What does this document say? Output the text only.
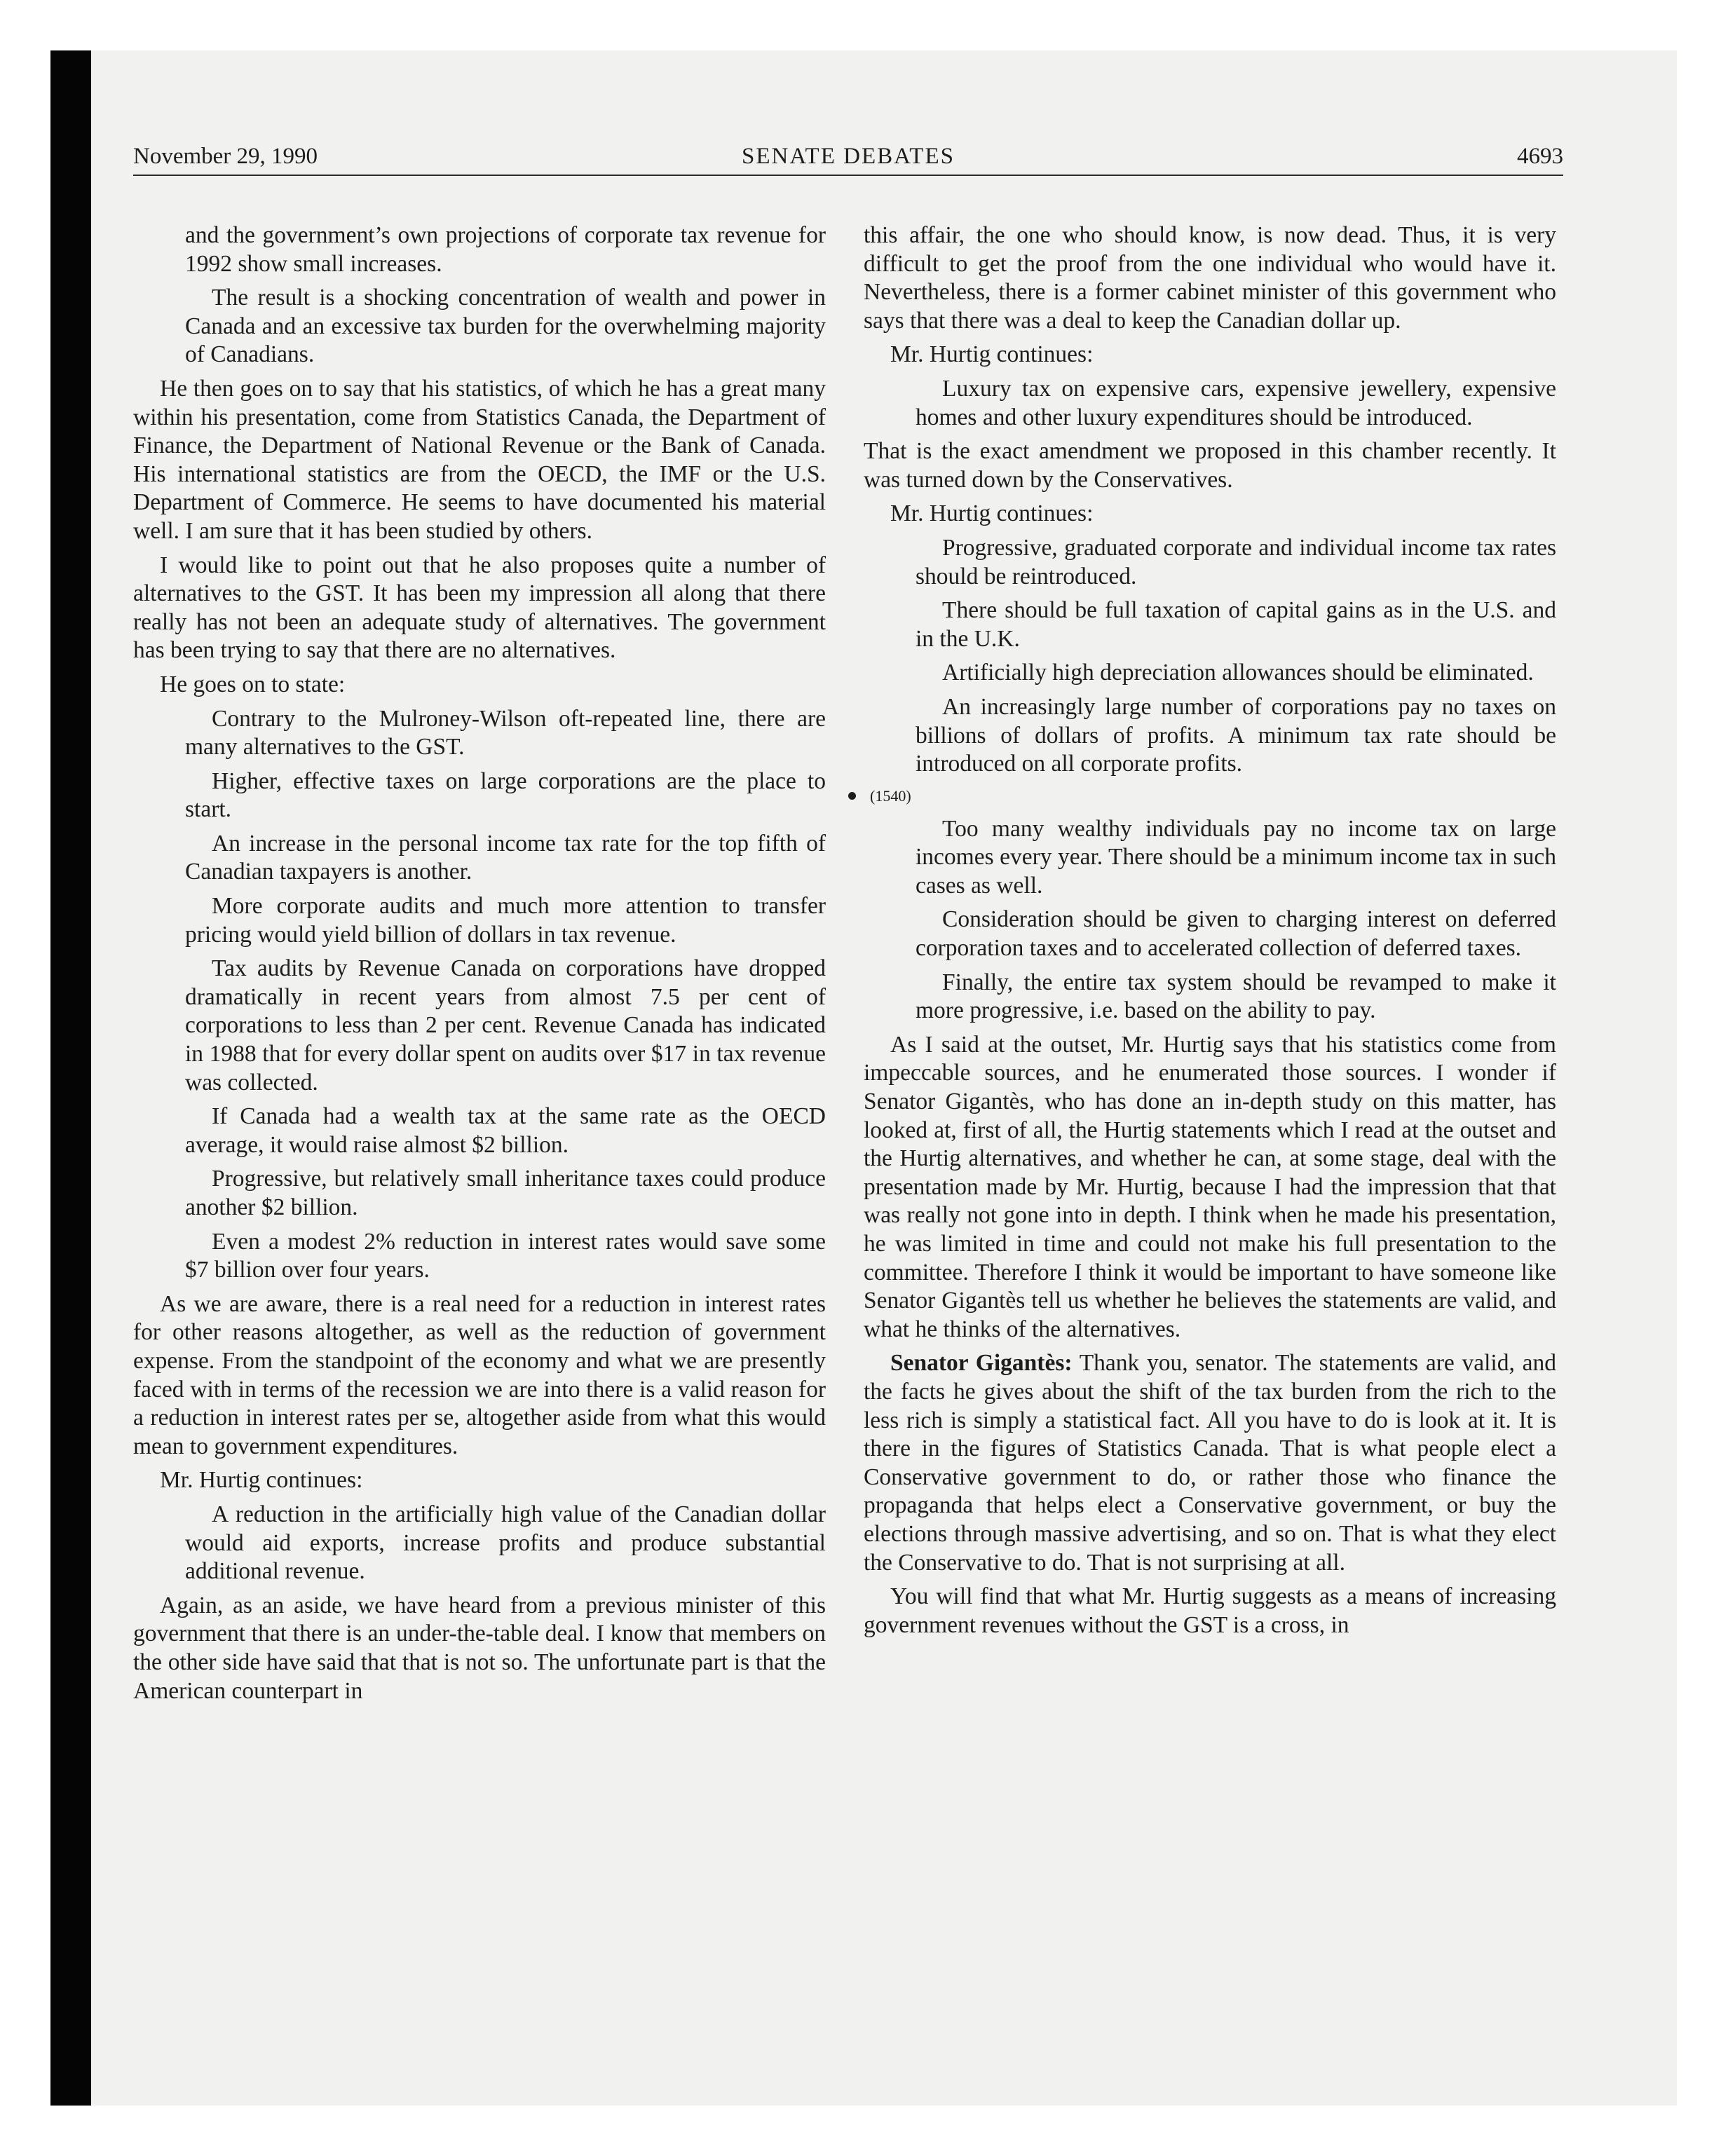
November 29, 1990	SENATE DEBATES	4693

and the government’s own projections of corporate tax revenue for 1992 show small increases.

The result is a shocking concentration of wealth and power in Canada and an excessive tax burden for the overwhelming majority of Canadians.

He then goes on to say that his statistics, of which he has a great many within his presentation, come from Statistics Canada, the Department of Finance, the Department of National Revenue or the Bank of Canada. His international statistics are from the OECD, the IMF or the U.S. Department of Commerce. He seems to have documented his material well. I am sure that it has been studied by others.

I would like to point out that he also proposes quite a number of alternatives to the GST. It has been my impression all along that there really has not been an adequate study of alternatives. The government has been trying to say that there are no alternatives.

He goes on to state:

Contrary to the Mulroney-Wilson oft-repeated line, there are many alternatives to the GST.

Higher, effective taxes on large corporations are the place to start.

An increase in the personal income tax rate for the top fifth of Canadian taxpayers is another.

More corporate audits and much more attention to transfer pricing would yield billion of dollars in tax revenue.

Tax audits by Revenue Canada on corporations have dropped dramatically in recent years from almost 7.5 per cent of corporations to less than 2 per cent. Revenue Canada has indicated in 1988 that for every dollar spent on audits over $17 in tax revenue was collected.

If Canada had a wealth tax at the same rate as the OECD average, it would raise almost $2 billion.

Progressive, but relatively small inheritance taxes could produce another $2 billion.

Even a modest 2% reduction in interest rates would save some $7 billion over four years.

As we are aware, there is a real need for a reduction in interest rates for other reasons altogether, as well as the reduction of government expense. From the standpoint of the economy and what we are presently faced with in terms of the recession we are into there is a valid reason for a reduction in interest rates per se, altogether aside from what this would mean to government expenditures.

Mr. Hurtig continues:

A reduction in the artificially high value of the Canadian dollar would aid exports, increase profits and produce substantial additional revenue.

Again, as an aside, we have heard from a previous minister of this government that there is an under-the-table deal. I know that members on the other side have said that that is not so. The unfortunate part is that the American counterpart in

this affair, the one who should know, is now dead. Thus, it is very difficult to get the proof from the one individual who would have it. Nevertheless, there is a former cabinet minister of this government who says that there was a deal to keep the Canadian dollar up.

Mr. Hurtig continues:

Luxury tax on expensive cars, expensive jewellery, expensive homes and other luxury expenditures should be introduced.

That is the exact amendment we proposed in this chamber recently. It was turned down by the Conservatives.

Mr. Hurtig continues:

Progressive, graduated corporate and individual income tax rates should be reintroduced.

There should be full taxation of capital gains as in the U.S. and in the U.K.

Artificially high depreciation allowances should be eliminated.

An increasingly large number of corporations pay no taxes on billions of dollars of profits. A minimum tax rate should be introduced on all corporate profits.

(1540)

Too many wealthy individuals pay no income tax on large incomes every year. There should be a minimum income tax in such cases as well.

Consideration should be given to charging interest on deferred corporation taxes and to accelerated collection of deferred taxes.

Finally, the entire tax system should be revamped to make it more progressive, i.e. based on the ability to pay.

As I said at the outset, Mr. Hurtig says that his statistics come from impeccable sources, and he enumerated those sources. I wonder if Senator Gigantès, who has done an in-depth study on this matter, has looked at, first of all, the Hurtig statements which I read at the outset and the Hurtig alternatives, and whether he can, at some stage, deal with the presentation made by Mr. Hurtig, because I had the impression that that was really not gone into in depth. I think when he made his presentation, he was limited in time and could not make his full presentation to the committee. Therefore I think it would be important to have someone like Senator Gigantès tell us whether he believes the statements are valid, and what he thinks of the alternatives.

Senator Gigantès: Thank you, senator. The statements are valid, and the facts he gives about the shift of the tax burden from the rich to the less rich is simply a statistical fact. All you have to do is look at it. It is there in the figures of Statistics Canada. That is what people elect a Conservative government to do, or rather those who finance the propaganda that helps elect a Conservative government, or buy the elections through massive advertising, and so on. That is what they elect the Conservative to do. That is not surprising at all.

You will find that what Mr. Hurtig suggests as a means of increasing government revenues without the GST is a cross, in
